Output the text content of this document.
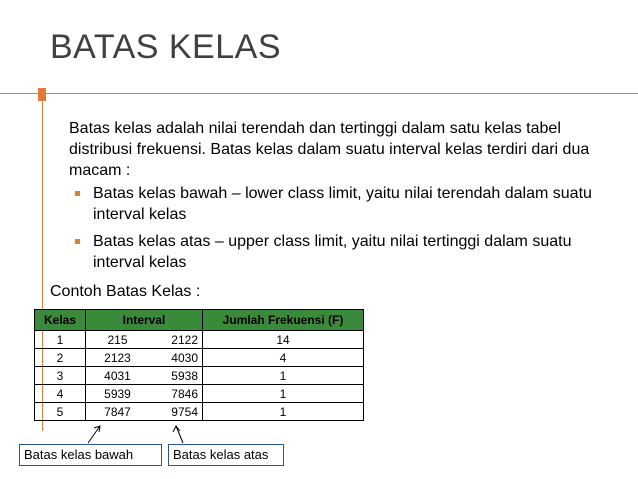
BATAS KELAS
Batas kelas adalah nilai terendah dan tertinggi dalam satu kelas tabel distribusi frekuensi. Batas kelas dalam suatu interval kelas terdiri dari dua macam :
Batas kelas bawah – lower class limit, yaitu nilai terendah dalam suatu interval kelas
Batas kelas atas – upper class limit, yaitu nilai tertinggi dalam suatu interval kelas
Contoh Batas Kelas :
Kelas	Interval		Jumlah Frekuensi (F)
1	215	2122	14
2	2123	4030	4
3	4031	5938	1
4	5939	7846	1
5	7847	9754	1
Batas kelas bawah	Batas kelas atas
